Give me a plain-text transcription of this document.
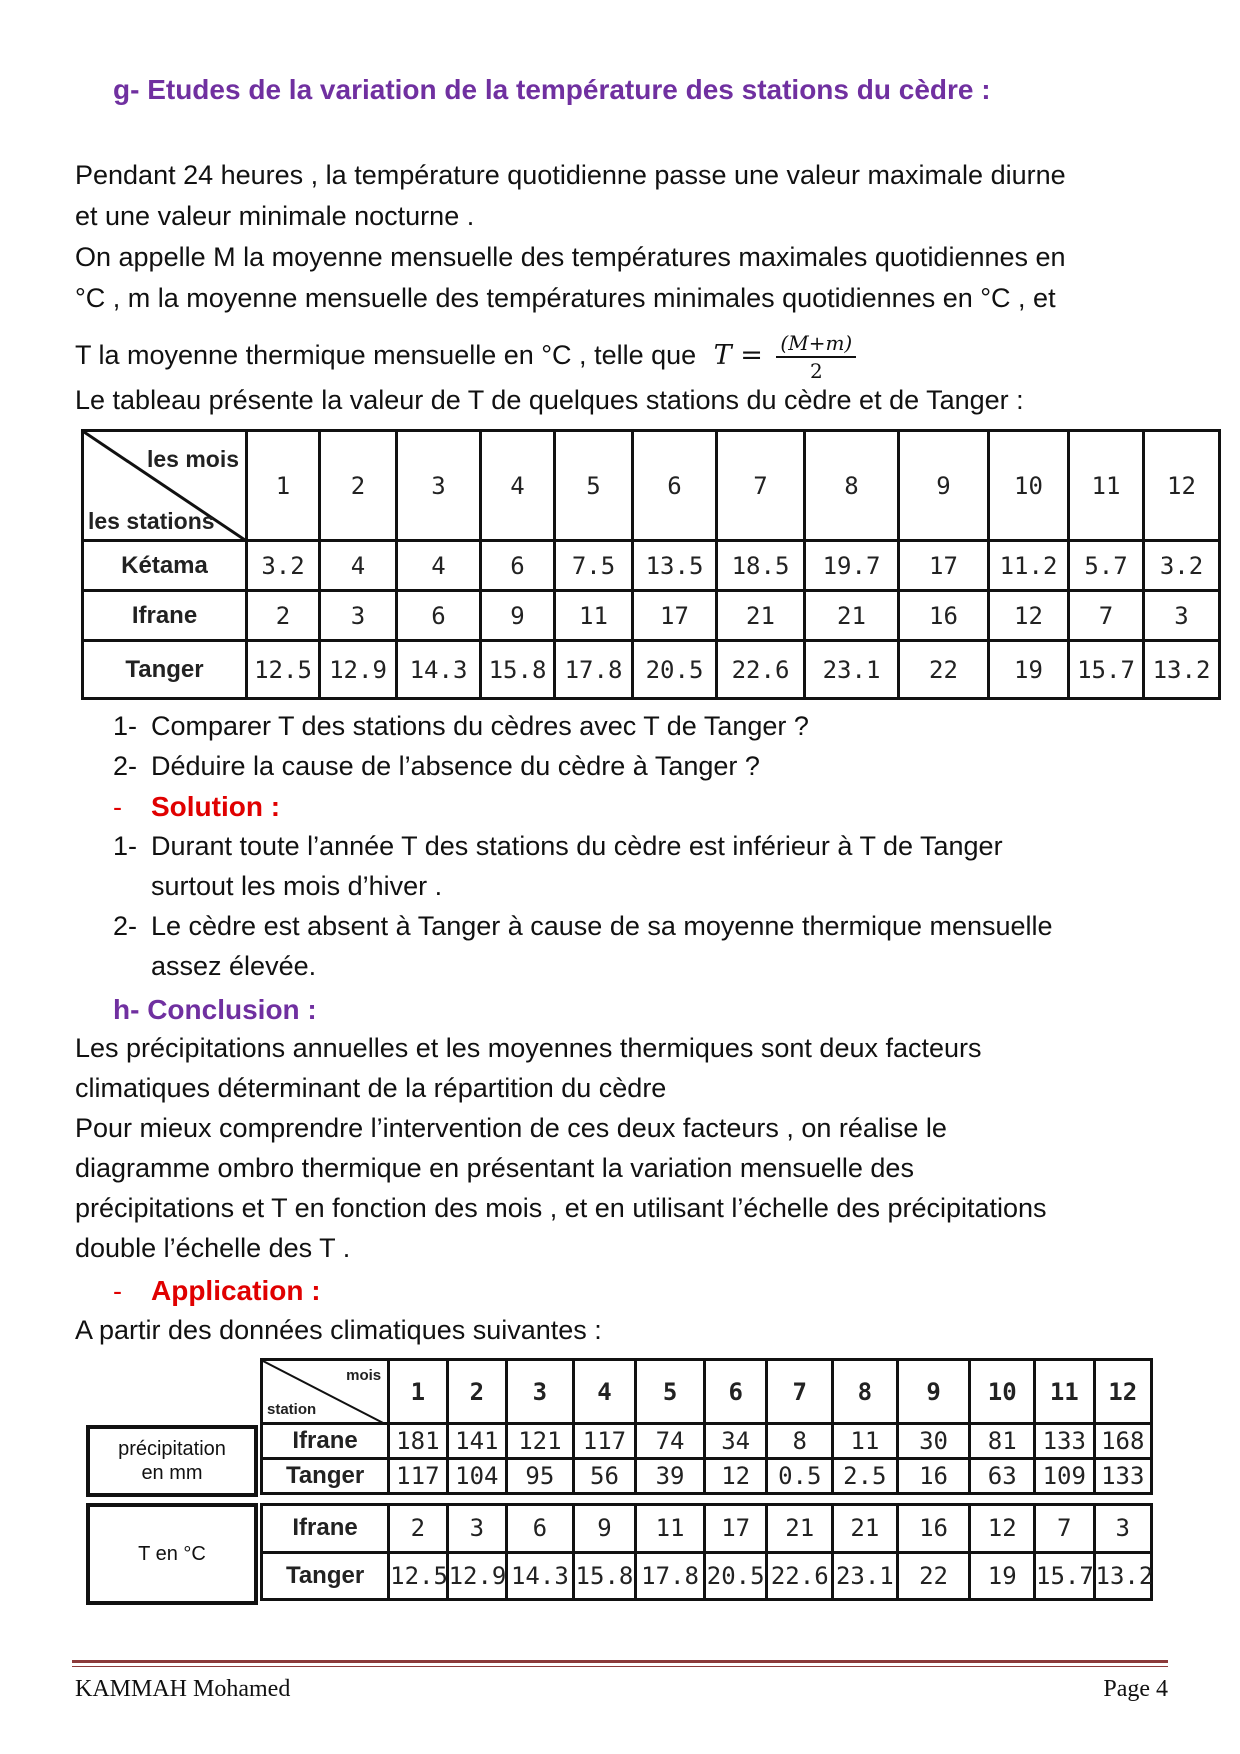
g- Etudes de la variation de la température des stations du cèdre :
Pendant 24 heures , la température quotidienne passe une valeur maximale diurne
et une valeur minimale nocturne .
On appelle M la moyenne mensuelle des températures maximales quotidiennes en
°C , m la moyenne mensuelle des températures minimales quotidiennes en °C , et
T la moyenne thermique mensuelle en °C , telle que $T = \frac{(M+m)}{2}$
Le tableau présente la valeur de T de quelques stations du cèdre et de Tanger :
les mois
les stations	1	2	3	4	5	6	7	8	9	10	11	12
Kétama	3.2	4	4	6	7.5	13.5	18.5	19.7	17	11.2	5.7	3.2
Ifrane	2	3	6	9	11	17	21	21	16	12	7	3
Tanger	12.5	12.9	14.3	15.8	17.8	20.5	22.6	23.1	22	19	15.7	13.2
1- Comparer T des stations du cèdres avec T de Tanger ?
2- Déduire la cause de l’absence du cèdre à Tanger ?
- Solution :
1- Durant toute l’année T des stations du cèdre est inférieur à T de Tanger
surtout les mois d’hiver .
2- Le cèdre est absent à Tanger à cause de sa moyenne thermique mensuelle
assez élevée.
h- Conclusion :
Les précipitations annuelles et les moyennes thermiques sont deux facteurs
climatiques déterminant de la répartition du cèdre
Pour mieux comprendre l’intervention de ces deux facteurs , on réalise le
diagramme ombro thermique en présentant la variation mensuelle des
précipitations et T en fonction des mois , et en utilisant l’échelle des précipitations
double l’échelle des T .
- Application :
A partir des données climatiques suivantes :
précipitation
en mm
mois
station	1	2	3	4	5	6	7	8	9	10	11	12
Ifrane	181	141	121	117	74	34	8	11	30	81	133	168
Tanger	117	104	95	56	39	12	0.5	2.5	16	63	109	133
T en °C
Ifrane	2	3	6	9	11	17	21	21	16	12	7	3
Tanger	12.5	12.9	14.3	15.8	17.8	20.5	22.6	23.1	22	19	15.7	13.2
KAMMAH Mohamed	Page 4
